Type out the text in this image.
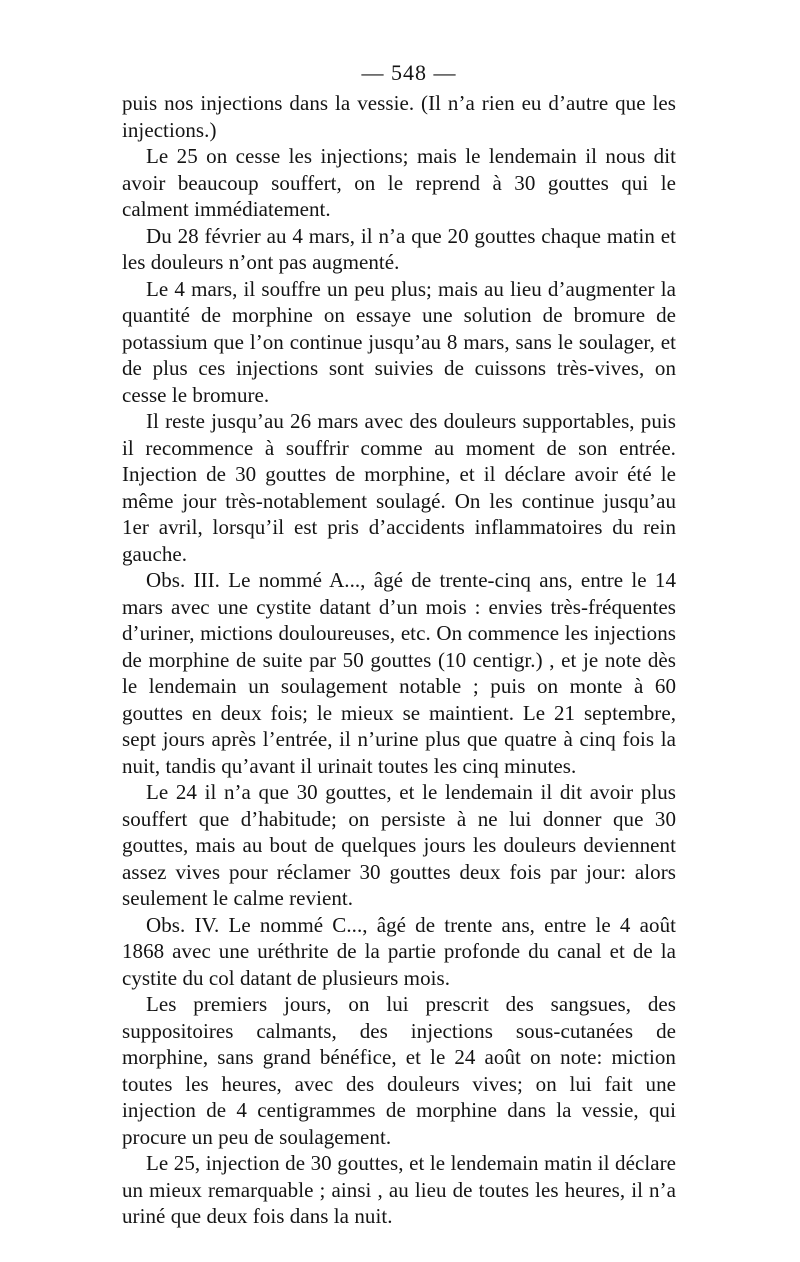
— 548 —

puis nos injections dans la vessie. (Il n’a rien eu d’autre que les injections.)

Le 25 on cesse les injections; mais le lendemain il nous dit avoir beaucoup souffert, on le reprend à 30 gouttes qui le calment immédiatement.

Du 28 février au 4 mars, il n’a que 20 gouttes chaque matin et les douleurs n’ont pas augmenté.

Le 4 mars, il souffre un peu plus; mais au lieu d’augmenter la quantité de morphine on essaye une solution de bromure de potassium que l’on continue jusqu’au 8 mars, sans le soulager, et de plus ces injections sont suivies de cuissons très-vives, on cesse le bromure.

Il reste jusqu’au 26 mars avec des douleurs supportables, puis il recommence à souffrir comme au moment de son entrée. Injection de 30 gouttes de morphine, et il déclare avoir été le même jour très-notablement soulagé. On les continue jusqu’au 1er avril, lorsqu’il est pris d’accidents inflammatoires du rein gauche.

Obs. III. Le nommé A..., âgé de trente-cinq ans, entre le 14 mars avec une cystite datant d’un mois : envies très-fréquentes d’uriner, mictions douloureuses, etc. On commence les injections de morphine de suite par 50 gouttes (10 centigr.) , et je note dès le lendemain un soulagement notable ; puis on monte à 60 gouttes en deux fois; le mieux se maintient. Le 21 septembre, sept jours après l’entrée, il n’urine plus que quatre à cinq fois la nuit, tandis qu’avant il urinait toutes les cinq minutes.

Le 24 il n’a que 30 gouttes, et le lendemain il dit avoir plus souffert que d’habitude; on persiste à ne lui donner que 30 gouttes, mais au bout de quelques jours les douleurs deviennent assez vives pour réclamer 30 gouttes deux fois par jour: alors seulement le calme revient.

Obs. IV. Le nommé C..., âgé de trente ans, entre le 4 août 1868 avec une uréthrite de la partie profonde du canal et de la cystite du col datant de plusieurs mois.

Les premiers jours, on lui prescrit des sangsues, des suppositoires calmants, des injections sous-cutanées de morphine, sans grand bénéfice, et le 24 août on note: miction toutes les heures, avec des douleurs vives; on lui fait une injection de 4 centigrammes de morphine dans la vessie, qui procure un peu de soulagement.

Le 25, injection de 30 gouttes, et le lendemain matin il déclare un mieux remarquable ; ainsi , au lieu de toutes les heures, il n’a uriné que deux fois dans la nuit.
